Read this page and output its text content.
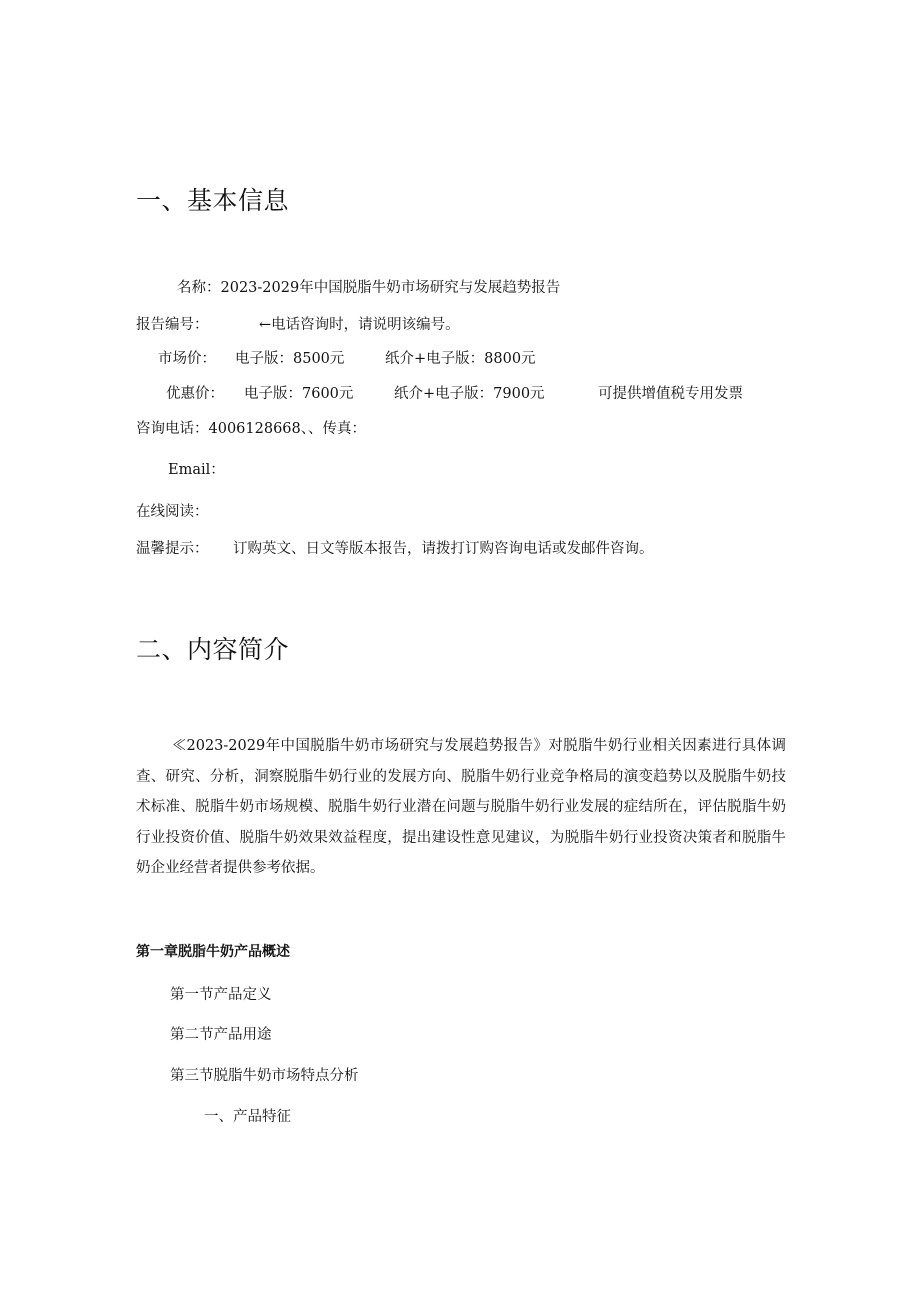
一、基本信息
名称：2023-2029年中国脱脂牛奶市场研究与发展趋势报告
报告编号：	←电话咨询时，请说明该编号。
市场价： 电子版：8500元	纸介+电子版：8800元
优惠价： 电子版：7600元	纸介+电子版：7900元	可提供增值税专用发票
咨询电话：4006128668、、传真：
Email：
在线阅读：
温馨提示： 订购英文、日文等版本报告，请拨打订购咨询电话或发邮件咨询。
二、内容简介
≪2023-2029年中国脱脂牛奶市场研究与发展趋势报告》对脱脂牛奶行业相关因素进行具体调查、研究、分析，洞察脱脂牛奶行业的发展方向、脱脂牛奶行业竞争格局的演变趋势以及脱脂牛奶技术标准、脱脂牛奶市场规模、脱脂牛奶行业潜在问题与脱脂牛奶行业发展的症结所在，评估脱脂牛奶行业投资价值、脱脂牛奶效果效益程度，提出建设性意见建议，为脱脂牛奶行业投资决策者和脱脂牛奶企业经营者提供参考依据。
第一章脱脂牛奶产品概述
第一节产品定义
第二节产品用途
第三节脱脂牛奶市场特点分析
一、产品特征
